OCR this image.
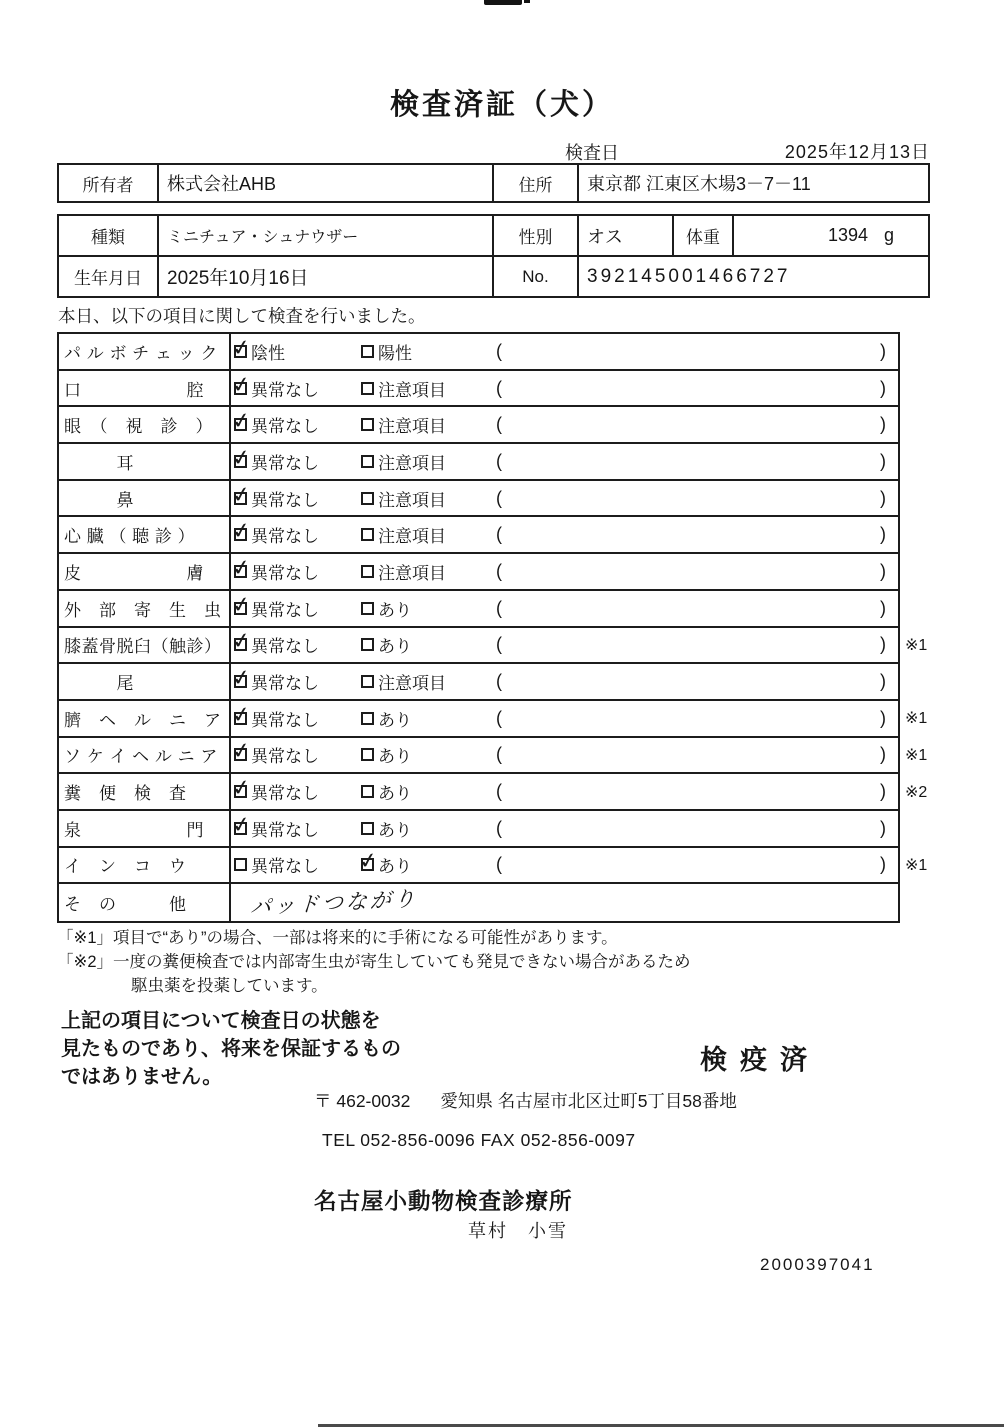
検査済証（犬）
検査日	2025年12月13日
所有者	株式会社AHB	住所	東京都 江東区木場3－7－11
種類	ミニチュア・シュナウザー	性別	オス	体重	1394 g
生年月日	2025年10月16日	No.	392145001466727
本日、以下の項目に関して検査を行いました。
パ ル ボ チ ェ ッ ク ✓	陰性	陽性	(	)
口　　　　　　腔 ✓	異常なし	注意項目	(	)
眼　（　視　診　） ✓	異常なし	注意項目	(	)
　　　耳 ✓	異常なし	注意項目	(	)
　　　鼻 ✓	異常なし	注意項目	(	)
心 臓 （ 聴 診 ） ✓	異常なし	注意項目	(	)
皮　　　　　　膚 ✓	異常なし	注意項目	(	)
外　部　寄　生　虫 ✓	異常なし	あり	(	)
膝蓋骨脱臼（触診） ✓	異常なし	あり	(	) ※1
　　　尾 ✓	異常なし	注意項目	(	)
臍　ヘ　ル　ニ　ア ✓	異常なし	あり	(	) ※1
ソ ケ イ ヘ ル ニ ア ✓	異常なし	あり	(	) ※1
糞　便　検　査 ✓	異常なし	あり	(	) ※2
泉　　　　　　門 ✓	異常なし	あり	(	)
イ　ン　コ　ウ	異常なし ✓	あり	(	) ※1
そ　の　　　他	パッドつながり
「※1」項目で“あり”の場合、一部は将来的に手術になる可能性があります。
「※2」一度の糞便検査では内部寄生虫が寄生していても発見できない場合があるため
駆虫薬を投薬しています。
上記の項目について検査日の状態を
見たものであり、将来を保証するもの
ではありません。
検疫済
〒 462-0032 愛知県 名古屋市北区辻町5丁目58番地
TEL 052-856-0096 FAX 052-856-0097
名古屋小動物検査診療所
草村　小雪
2000397041
